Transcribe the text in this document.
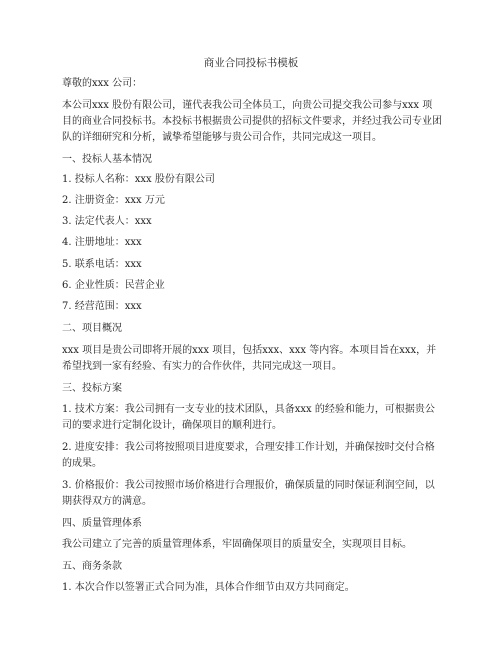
商业合同投标书模板

尊敬的xxx 公司：

本公司xxx 股份有限公司，谨代表我公司全体员工，向贵公司提交我公司参与xxx 项目的商业合同投标书。本投标书根据贵公司提供的招标文件要求，并经过我公司专业团队的详细研究和分析，诚挚希望能够与贵公司合作，共同完成这一项目。

一、投标人基本情况

1. 投标人名称：xxx 股份有限公司

2. 注册资金：xxx 万元

3. 法定代表人：xxx

4. 注册地址：xxx

5. 联系电话：xxx

6. 企业性质：民营企业

7. 经营范围：xxx

二、项目概况

xxx 项目是贵公司即将开展的xxx 项目，包括xxx、xxx 等内容。本项目旨在xxx，并希望找到一家有经验、有实力的合作伙伴，共同完成这一项目。

三、投标方案

1. 技术方案：我公司拥有一支专业的技术团队，具备xxx 的经验和能力，可根据贵公司的要求进行定制化设计，确保项目的顺利进行。

2. 进度安排：我公司将按照项目进度要求，合理安排工作计划，并确保按时交付合格的成果。

3. 价格报价：我公司按照市场价格进行合理报价，确保质量的同时保证利润空间，以期获得双方的满意。

四、质量管理体系

我公司建立了完善的质量管理体系，牢固确保项目的质量安全，实现项目目标。

五、商务条款

1. 本次合作以签署正式合同为准，具体合作细节由双方共同商定。
